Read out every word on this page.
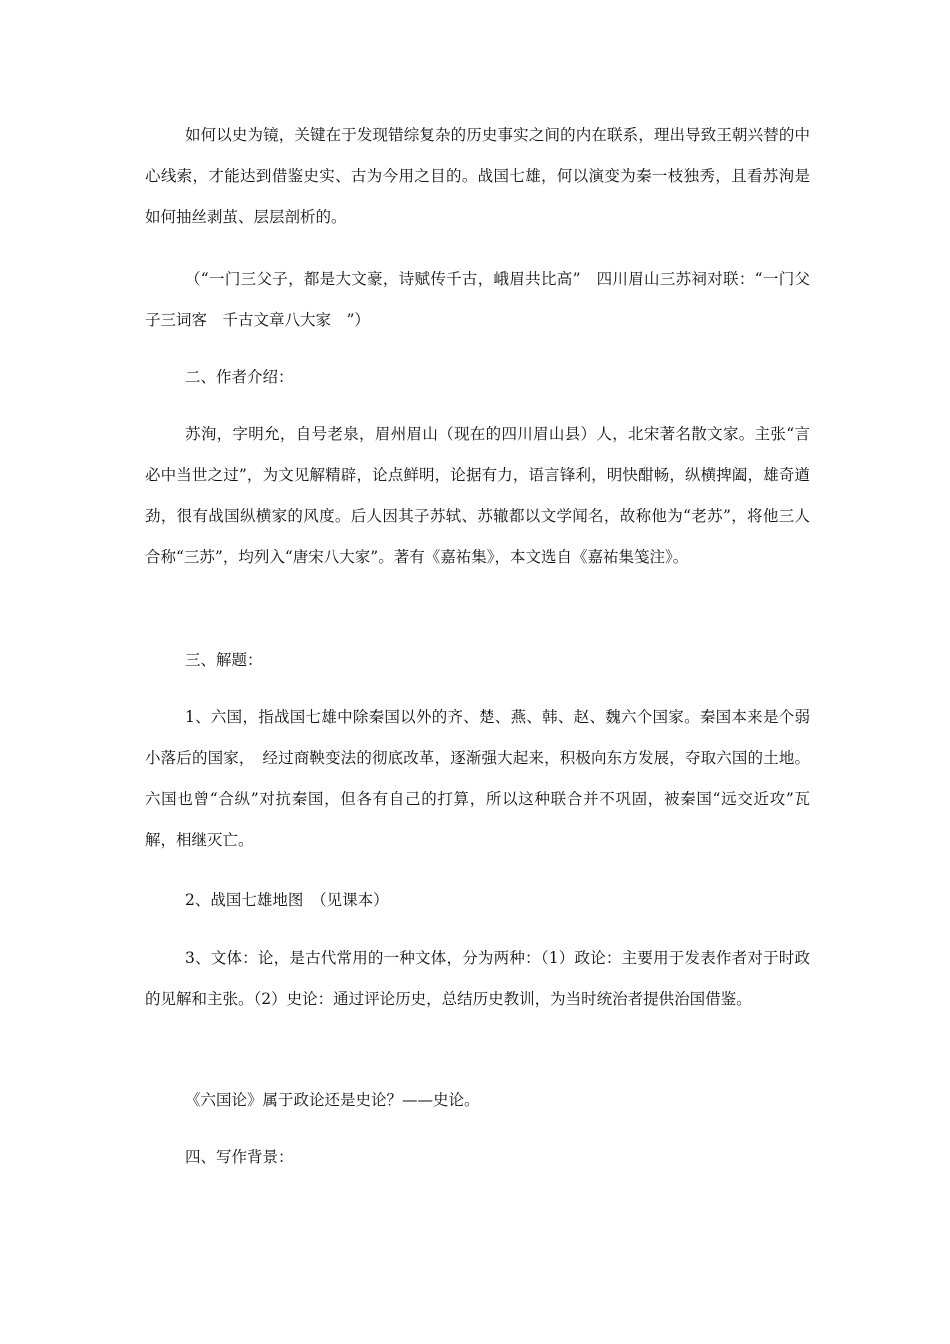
如何以史为镜，关键在于发现错综复杂的历史事实之间的内在联系，理出导致王朝兴替的中心线索，才能达到借鉴史实、古为今用之目的。战国七雄，何以演变为秦一枝独秀，且看苏洵是如何抽丝剥茧、层层剖析的。

（“一门三父子，都是大文豪，诗赋传千古，峨眉共比高”　四川眉山三苏祠对联：“一门父子三词客　千古文章八大家　”）

二、作者介绍：

苏洵，字明允，自号老泉，眉州眉山（现在的四川眉山县）人，北宋著名散文家。主张“言必中当世之过”，为文见解精辟，论点鲜明，论据有力，语言锋利，明快酣畅，纵横捭阖，雄奇遒劲，很有战国纵横家的风度。后人因其子苏轼、苏辙都以文学闻名，故称他为“老苏”，将他三人合称“三苏”，均列入“唐宋八大家”。著有《嘉祐集》，本文选自《嘉祐集笺注》。

三、解题：

1、六国，指战国七雄中除秦国以外的齐、楚、燕、韩、赵、魏六个国家。秦国本来是个弱小落后的国家，　经过商鞅变法的彻底改革，逐渐强大起来，积极向东方发展，夺取六国的土地。六国也曾“合纵”对抗秦国，但各有自己的打算，所以这种联合并不巩固，被秦国“远交近攻”瓦解，相继灭亡。

2、战国七雄地图　（见课本）

3、文体：论，是古代常用的一种文体，分为两种：（1）政论：主要用于发表作者对于时政的见解和主张。（2）史论：通过评论历史，总结历史教训，为当时统治者提供治国借鉴。

《六国论》属于政论还是史论？——史论。

四、写作背景：
